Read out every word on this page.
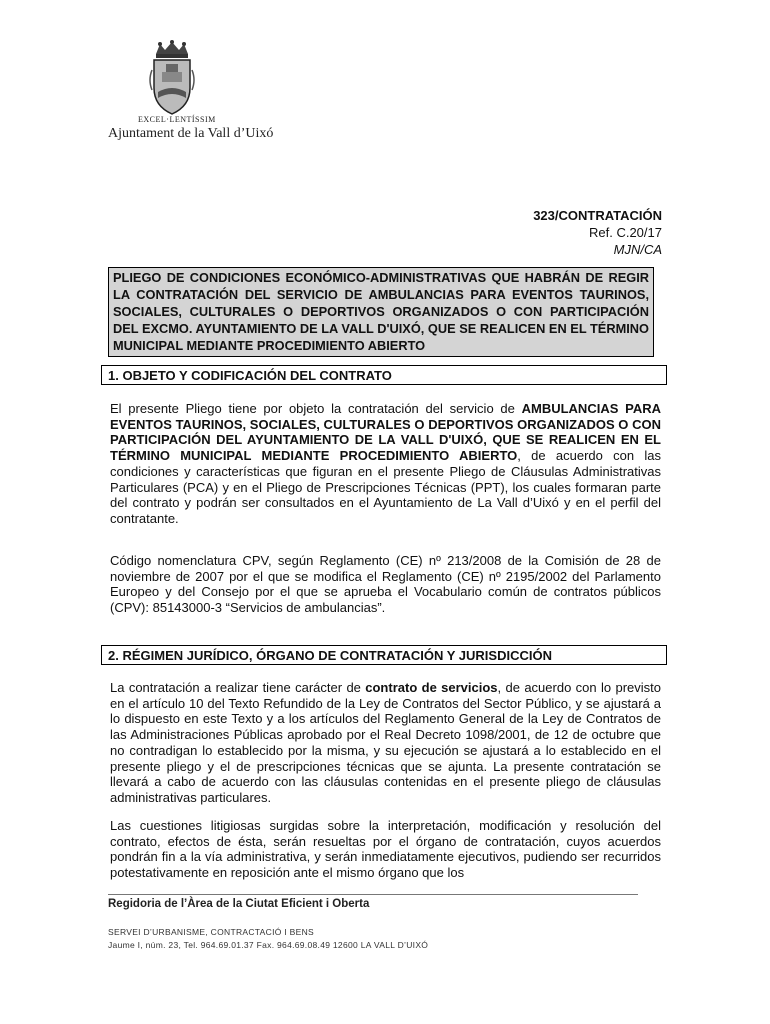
EXCEL·LENTÍSSIM
Ajuntament de la Vall d’Uixó
323/CONTRATACIÓN
Ref. C.20/17
MJN/CA
PLIEGO DE CONDICIONES ECONÓMICO-ADMINISTRATIVAS QUE HABRÁN DE REGIR LA CONTRATACIÓN DEL SERVICIO DE AMBULANCIAS PARA EVENTOS TAURINOS, SOCIALES, CULTURALES O DEPORTIVOS ORGANIZADOS O CON PARTICIPACIÓN DEL EXCMO. AYUNTAMIENTO DE LA VALL D'UIXÓ, QUE SE REALICEN EN EL TÉRMINO MUNICIPAL MEDIANTE PROCEDIMIENTO ABIERTO
1. OBJETO Y CODIFICACIÓN DEL CONTRATO

El presente Pliego tiene por objeto la contratación del servicio de AMBULANCIAS PARA EVENTOS TAURINOS, SOCIALES, CULTURALES O DEPORTIVOS ORGANIZADOS O CON PARTICIPACIÓN DEL AYUNTAMIENTO DE LA VALL D'UIXÓ, QUE SE REALICEN EN EL TÉRMINO MUNICIPAL MEDIANTE PROCEDIMIENTO ABIERTO, de acuerdo con las condiciones y características que figuran en el presente Pliego de Cláusulas Administrativas Particulares (PCA) y en el Pliego de Prescripciones Técnicas (PPT), los cuales formaran parte del contrato y podrán ser consultados en el Ayuntamiento de La Vall d’Uixó y en el perfil del contratante.

Código nomenclatura CPV, según Reglamento (CE) nº 213/2008 de la Comisión de 28 de noviembre de 2007 por el que se modifica el Reglamento (CE) nº 2195/2002 del Parlamento Europeo y del Consejo por el que se aprueba el Vocabulario común de contratos públicos (CPV): 85143000-3 “Servicios de ambulancias”.

2. RÉGIMEN JURÍDICO, ÓRGANO DE CONTRATACIÓN Y JURISDICCIÓN

La contratación a realizar tiene carácter de contrato de servicios, de acuerdo con lo previsto en el artículo 10 del Texto Refundido de la Ley de Contratos del Sector Público, y se ajustará a lo dispuesto en este Texto y a los artículos del Reglamento General de la Ley de Contratos de las Administraciones Públicas aprobado por el Real Decreto 1098/2001, de 12 de octubre que no contradigan lo establecido por la misma, y su ejecución se ajustará a lo establecido en el presente pliego y el de prescripciones técnicas que se ajunta. La presente contratación se llevará a cabo de acuerdo con las cláusulas contenidas en el presente pliego de cláusulas administrativas particulares.

Las cuestiones litigiosas surgidas sobre la interpretación, modificación y resolución del contrato, efectos de ésta, serán resueltas por el órgano de contratación, cuyos acuerdos pondrán fin a la vía administrativa, y serán inmediatamente ejecutivos, pudiendo ser recurridos potestativamente en reposición ante el mismo órgano que los

Regidoria de l’Àrea de la Ciutat Eficient i Oberta
SERVEI D’URBANISME, CONTRACTACIÓ I BENS
Jaume I, núm. 23, Tel. 964.69.01.37 Fax. 964.69.08.49 12600 LA VALL D’UIXÓ
